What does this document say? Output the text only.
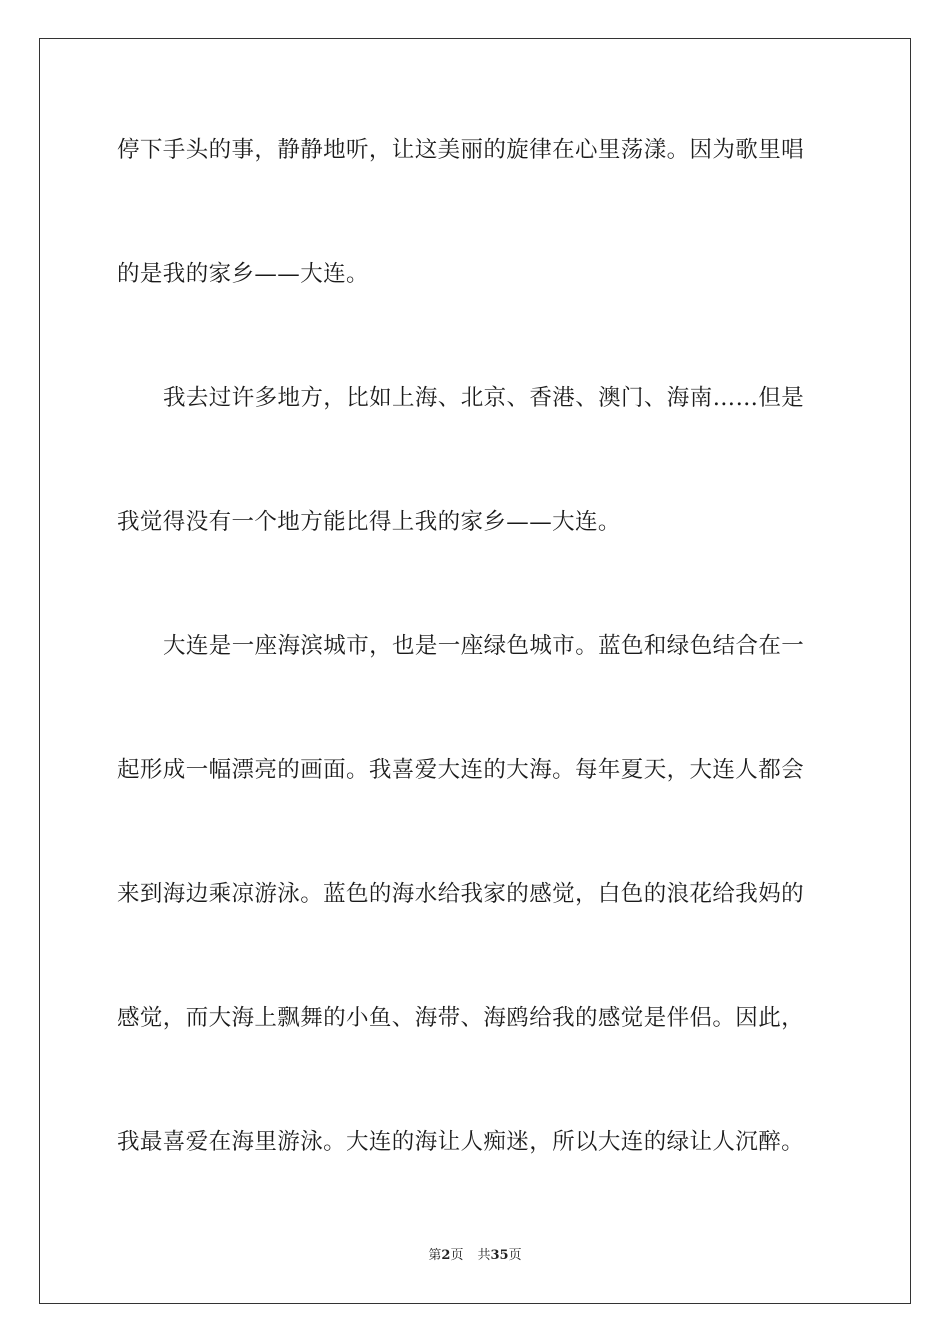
停下手头的事，静静地听，让这美丽的旋律在心里荡漾。因为歌里唱
的是我的家乡——大连。
我去过许多地方，比如上海、北京、香港、澳门、海南……但是
我觉得没有一个地方能比得上我的家乡——大连。
大连是一座海滨城市，也是一座绿色城市。蓝色和绿色结合在一
起形成一幅漂亮的画面。我喜爱大连的大海。每年夏天，大连人都会
来到海边乘凉游泳。蓝色的海水给我家的感觉，白色的浪花给我妈的
感觉，而大海上飘舞的小鱼、海带、海鸥给我的感觉是伴侣。因此，
我最喜爱在海里游泳。大连的海让人痴迷，所以大连的绿让人沉醉。
第2页 共35页
